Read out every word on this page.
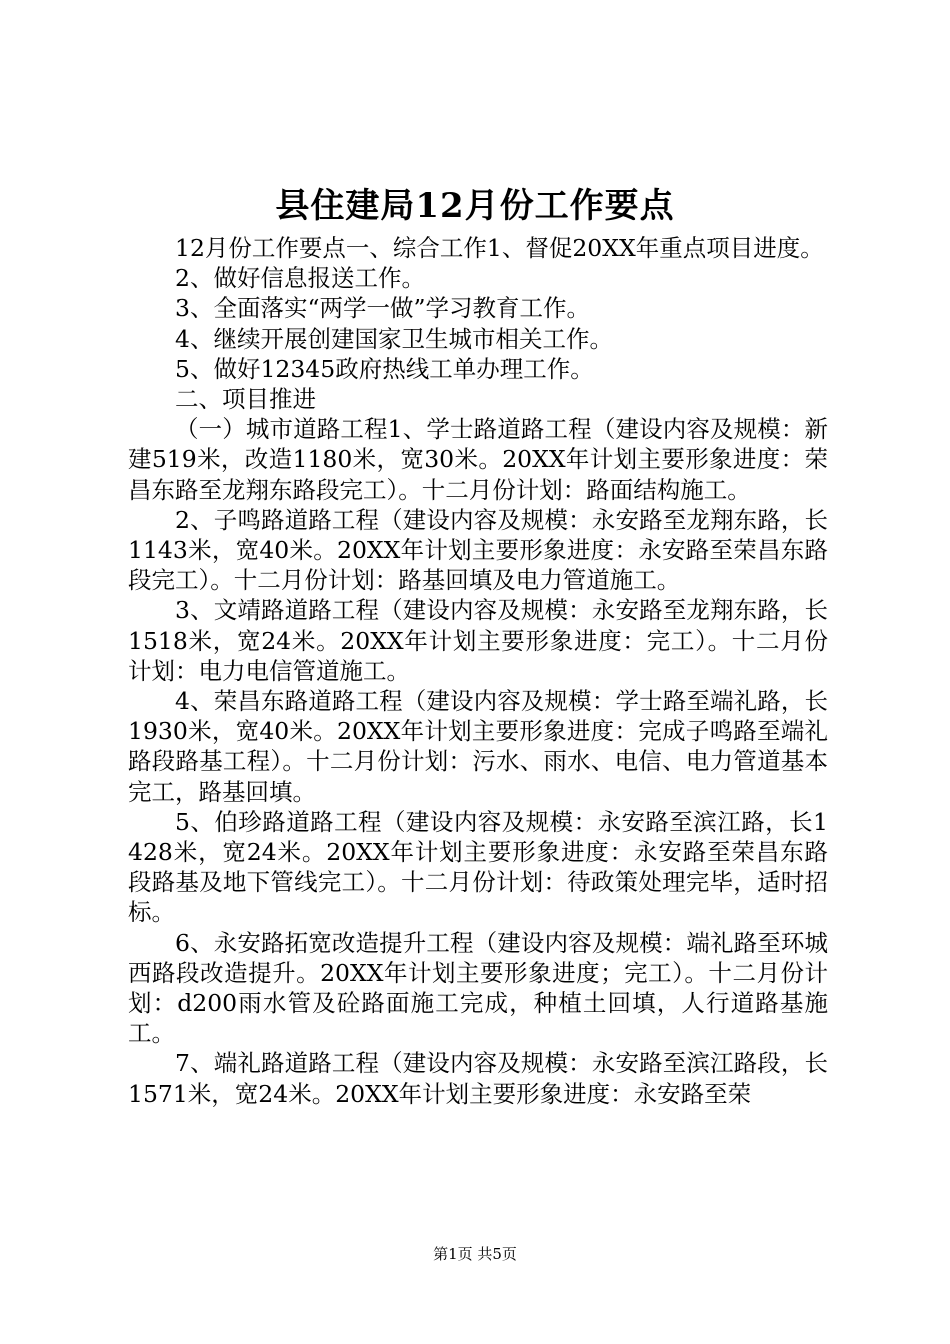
县住建局12月份工作要点

12月份工作要点一、综合工作1、督促20XX年重点项目进度。

2、做好信息报送工作。

3、全面落实“两学一做”学习教育工作。

4、继续开展创建国家卫生城市相关工作。

5、做好12345政府热线工单办理工作。

二、项目推进

（一）城市道路工程1、学士路道路工程（建设内容及规模：新建519米，改造1180米，宽30米。20XX年计划主要形象进度：荣昌东路至龙翔东路段完工）。十二月份计划：路面结构施工。

2、子鸣路道路工程（建设内容及规模：永安路至龙翔东路，长1143米，宽40米。20XX年计划主要形象进度：永安路至荣昌东路段完工）。十二月份计划：路基回填及电力管道施工。

3、文靖路道路工程（建设内容及规模：永安路至龙翔东路，长1518米，宽24米。20XX年计划主要形象进度：完工）。十二月份计划：电力电信管道施工。

4、荣昌东路道路工程（建设内容及规模：学士路至端礼路，长1930米，宽40米。20XX年计划主要形象进度：完成子鸣路至端礼路段路基工程）。十二月份计划：污水、雨水、电信、电力管道基本完工，路基回填。

5、伯珍路道路工程（建设内容及规模：永安路至滨江路，长1428米，宽24米。20XX年计划主要形象进度：永安路至荣昌东路段路基及地下管线完工）。十二月份计划：待政策处理完毕，适时招标。

6、永安路拓宽改造提升工程（建设内容及规模：端礼路至环城西路段改造提升。20XX年计划主要形象进度；完工）。十二月份计划：d200雨水管及砼路面施工完成，种植土回填，人行道路基施工。

7、端礼路道路工程（建设内容及规模：永安路至滨江路段，长1571米，宽24米。20XX年计划主要形象进度：永安路至荣

第1页 共5页
